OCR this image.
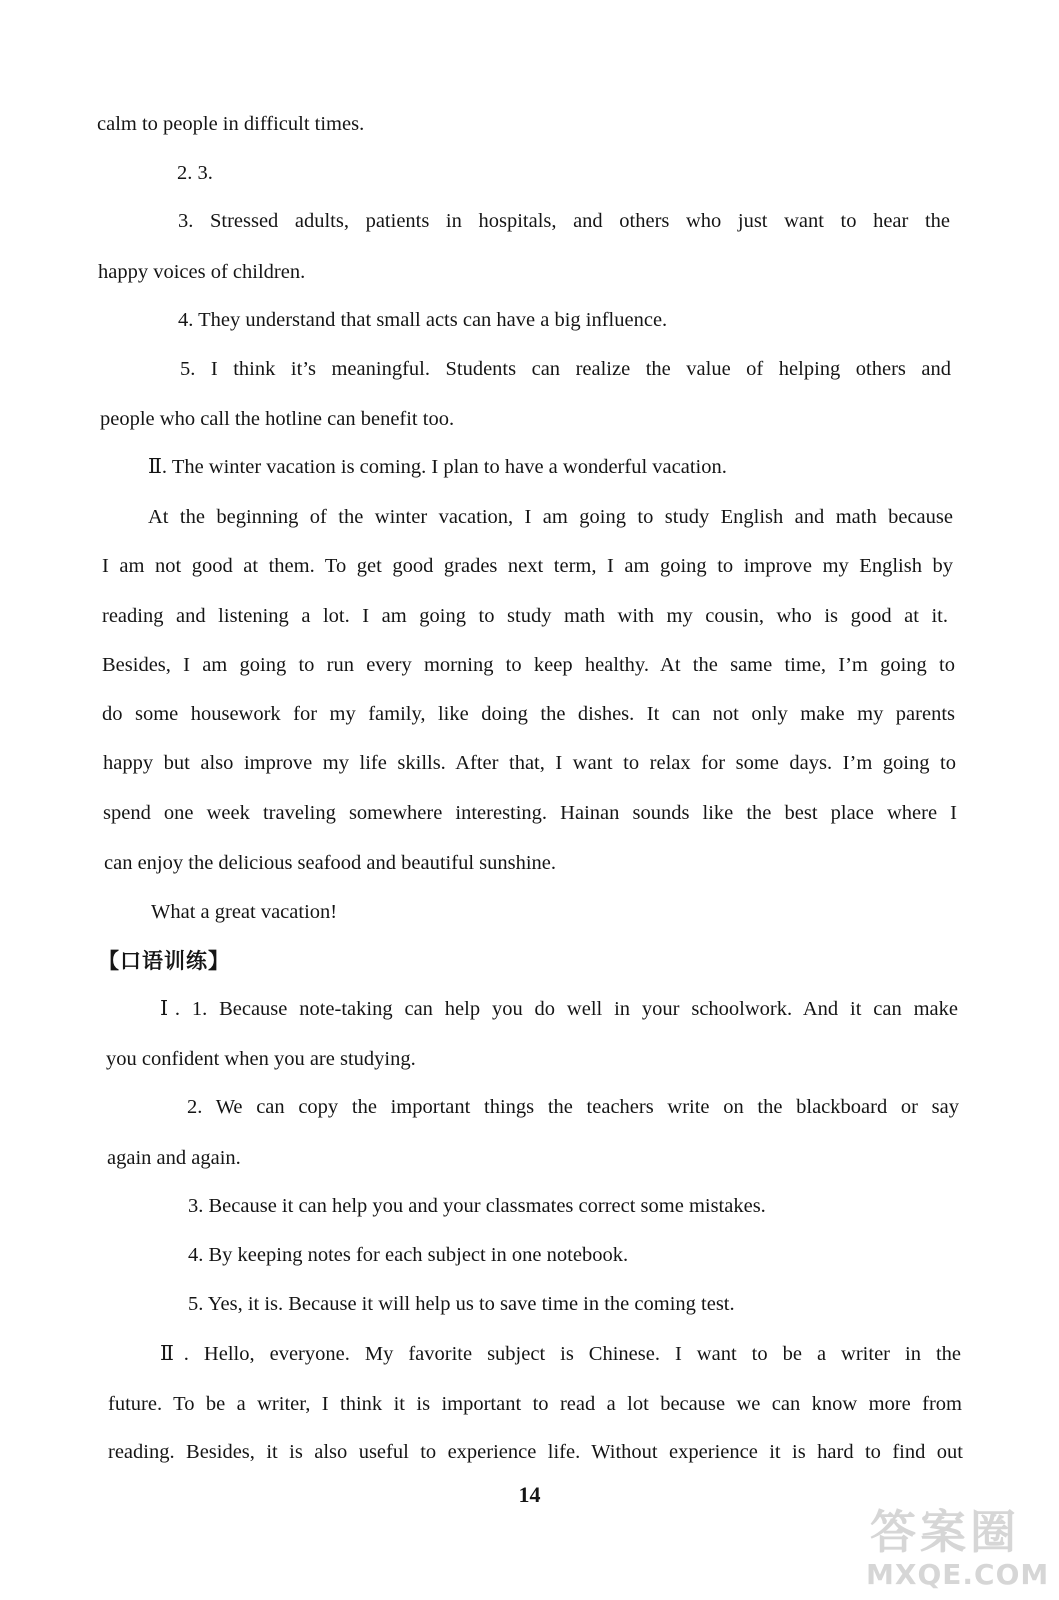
calm to people in difficult times.
2. 3.
3. Stressed adults, patients in hospitals, and others who just want to hear the
happy voices of children.
4. They understand that small acts can have a big influence.
5. I think it’s meaningful. Students can realize the value of helping others and
people who call the hotline can benefit too.
Ⅱ. The winter vacation is coming. I plan to have a wonderful vacation.
At the beginning of the winter vacation, I am going to study English and math because
I am not good at them. To get good grades next term, I am going to improve my English by
reading and listening a lot. I am going to study math with my cousin, who is good at it.
Besides, I am going to run every morning to keep healthy. At the same time, I’m going to
do some housework for my family, like doing the dishes. It can not only make my parents
happy but also improve my life skills. After that, I want to relax for some days. I’m going to
spend one week traveling somewhere interesting. Hainan sounds like the best place where I
can enjoy the delicious seafood and beautiful sunshine.
What a great vacation!
【口语训练】
Ⅰ. 1. Because note-taking can help you do well in your schoolwork. And it can make
you confident when you are studying.
2. We can copy the important things the teachers write on the blackboard or say
again and again.
3. Because it can help you and your classmates correct some mistakes.
4. By keeping notes for each subject in one notebook.
5. Yes, it is. Because it will help us to save time in the coming test.
Ⅱ. Hello, everyone. My favorite subject is Chinese. I want to be a writer in the
future. To be a writer, I think it is important to read a lot because we can know more from
reading. Besides, it is also useful to experience life. Without experience it is hard to find out
14
答案圈
MXQE.COM
